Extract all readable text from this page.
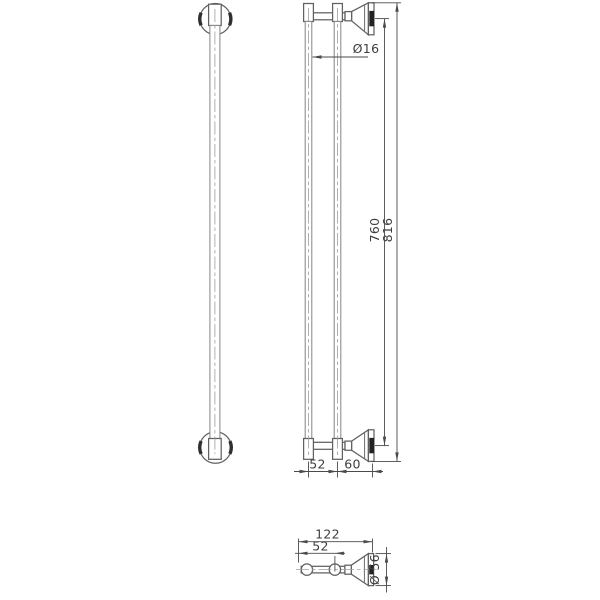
Ø16
816
760
52 60
122
52
Ø 56
